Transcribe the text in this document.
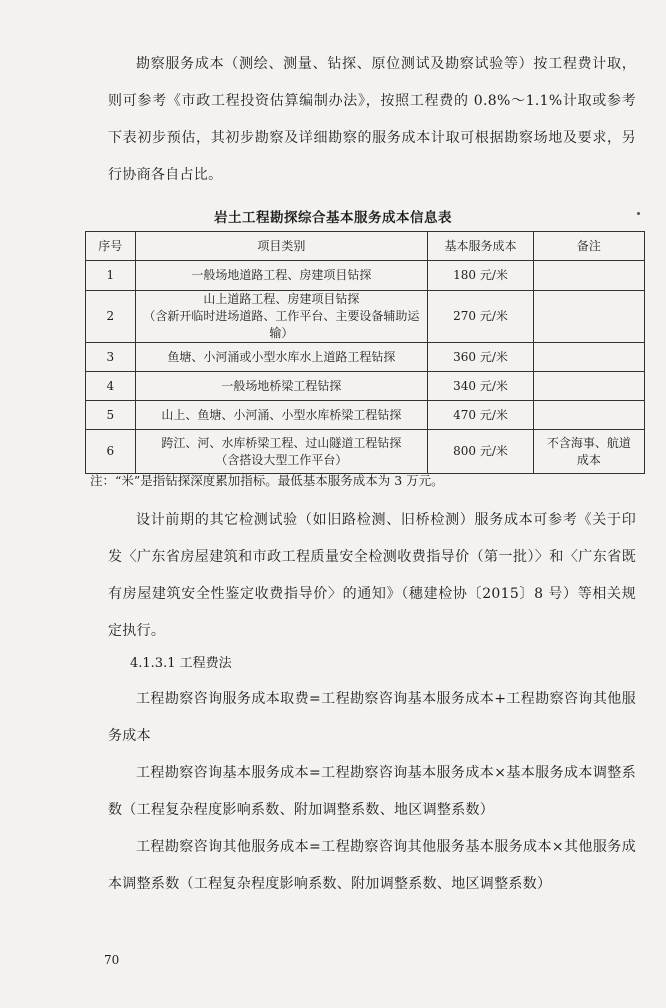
勘察服务成本（测绘、测量、钻探、原位测试及勘察试验等）按工程费计取，则可参考《市政工程投资估算编制办法》，按照工程费的 0.8%～1.1%计取或参考下表初步预估，其初步勘察及详细勘察的服务成本计取可根据勘察场地及要求，另行协商各自占比。

岩土工程勘探综合基本服务成本信息表
序号	项目类别	基本服务成本	备注
1	一般场地道路工程、房建项目钻探	180 元/米	
2	山上道路工程、房建项目钻探
（含新开临时进场道路、工作平台、主要设备辅助运输）	270 元/米	
3	鱼塘、小河涌或小型水库水上道路工程钻探	360 元/米	
4	一般场地桥梁工程钻探	340 元/米	
5	山上、鱼塘、小河涌、小型水库桥梁工程钻探	470 元/米	
6	跨江、河、水库桥梁工程、过山隧道工程钻探
（含搭设大型工作平台）	800 元/米	不含海事、航道
成本
注：“米”是指钻探深度累加指标。最低基本服务成本为 3 万元。

设计前期的其它检测试验（如旧路检测、旧桥检测）服务成本可参考《关于印发〈广东省房屋建筑和市政工程质量安全检测收费指导价（第一批）〉和〈广东省既有房屋建筑安全性鉴定收费指导价〉的通知》（穗建检协〔2015〕8 号）等相关规定执行。

4.1.3.1 工程费法

工程勘察咨询服务成本取费=工程勘察咨询基本服务成本+工程勘察咨询其他服务成本

工程勘察咨询基本服务成本=工程勘察咨询基本服务成本×基本服务成本调整系数（工程复杂程度影响系数、附加调整系数、地区调整系数）

工程勘察咨询其他服务成本=工程勘察咨询其他服务基本服务成本×其他服务成本调整系数（工程复杂程度影响系数、附加调整系数、地区调整系数）

70
